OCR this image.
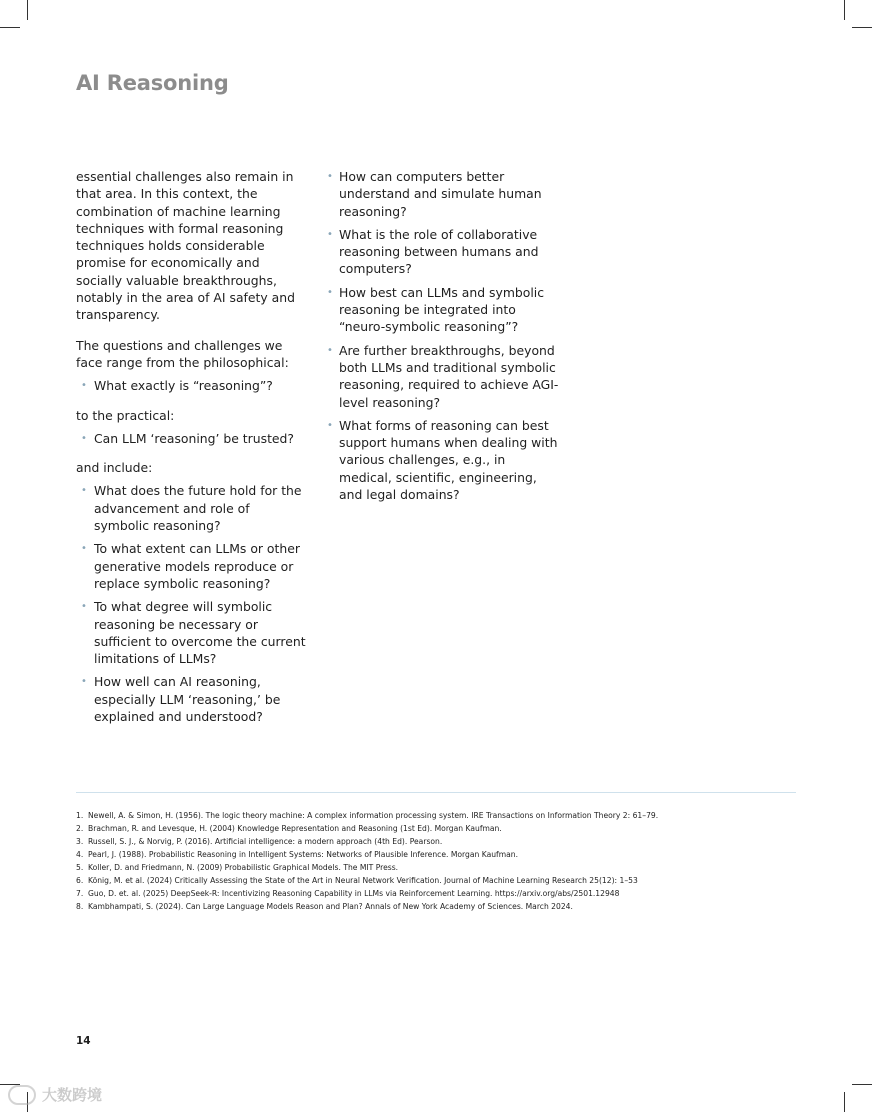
AI Reasoning

essential challenges also remain in that area. In this context, the combination of machine learning techniques with formal reasoning techniques holds considerable promise for economically and socially valuable breakthroughs, notably in the area of AI safety and transparency.

The questions and challenges we face range from the philosophical:

• What exactly is “reasoning”?

to the practical:

• Can LLM ‘reasoning’ be trusted?

and include:

• What does the future hold for the advancement and role of symbolic reasoning?
• To what extent can LLMs or other generative models reproduce or replace symbolic reasoning?
• To what degree will symbolic reasoning be necessary or sufficient to overcome the current limitations of LLMs?
• How well can AI reasoning, especially LLM ‘reasoning,’ be explained and understood?
• How can computers better understand and simulate human reasoning?
• What is the role of collaborative reasoning between humans and computers?
• How best can LLMs and symbolic reasoning be integrated into “neuro-symbolic reasoning”?
• Are further breakthroughs, beyond both LLMs and traditional symbolic reasoning, required to achieve AGI-level reasoning?
• What forms of reasoning can best support humans when dealing with various challenges, e.g., in medical, scientific, engineering, and legal domains?
1. Newell, A. & Simon, H. (1956). The logic theory machine: A complex information processing system. IRE Transactions on Information Theory 2: 61–79.
2. Brachman, R. and Levesque, H. (2004) Knowledge Representation and Reasoning (1st Ed). Morgan Kaufman.
3. Russell, S. J., & Norvig, P. (2016). Artificial intelligence: a modern approach (4th Ed). Pearson.
4. Pearl, J. (1988). Probabilistic Reasoning in Intelligent Systems: Networks of Plausible Inference. Morgan Kaufman.
5. Koller, D. and Friedmann, N. (2009) Probabilistic Graphical Models. The MIT Press.
6. König, M. et al. (2024) Critically Assessing the State of the Art in Neural Network Verification. Journal of Machine Learning Research 25(12): 1–53
7. Guo, D. et. al. (2025) DeepSeek-R: Incentivizing Reasoning Capability in LLMs via Reinforcement Learning. https://arxiv.org/abs/2501.12948
8. Kambhampati, S. (2024). Can Large Language Models Reason and Plan? Annals of New York Academy of Sciences. March 2024.
14
大数跨境
